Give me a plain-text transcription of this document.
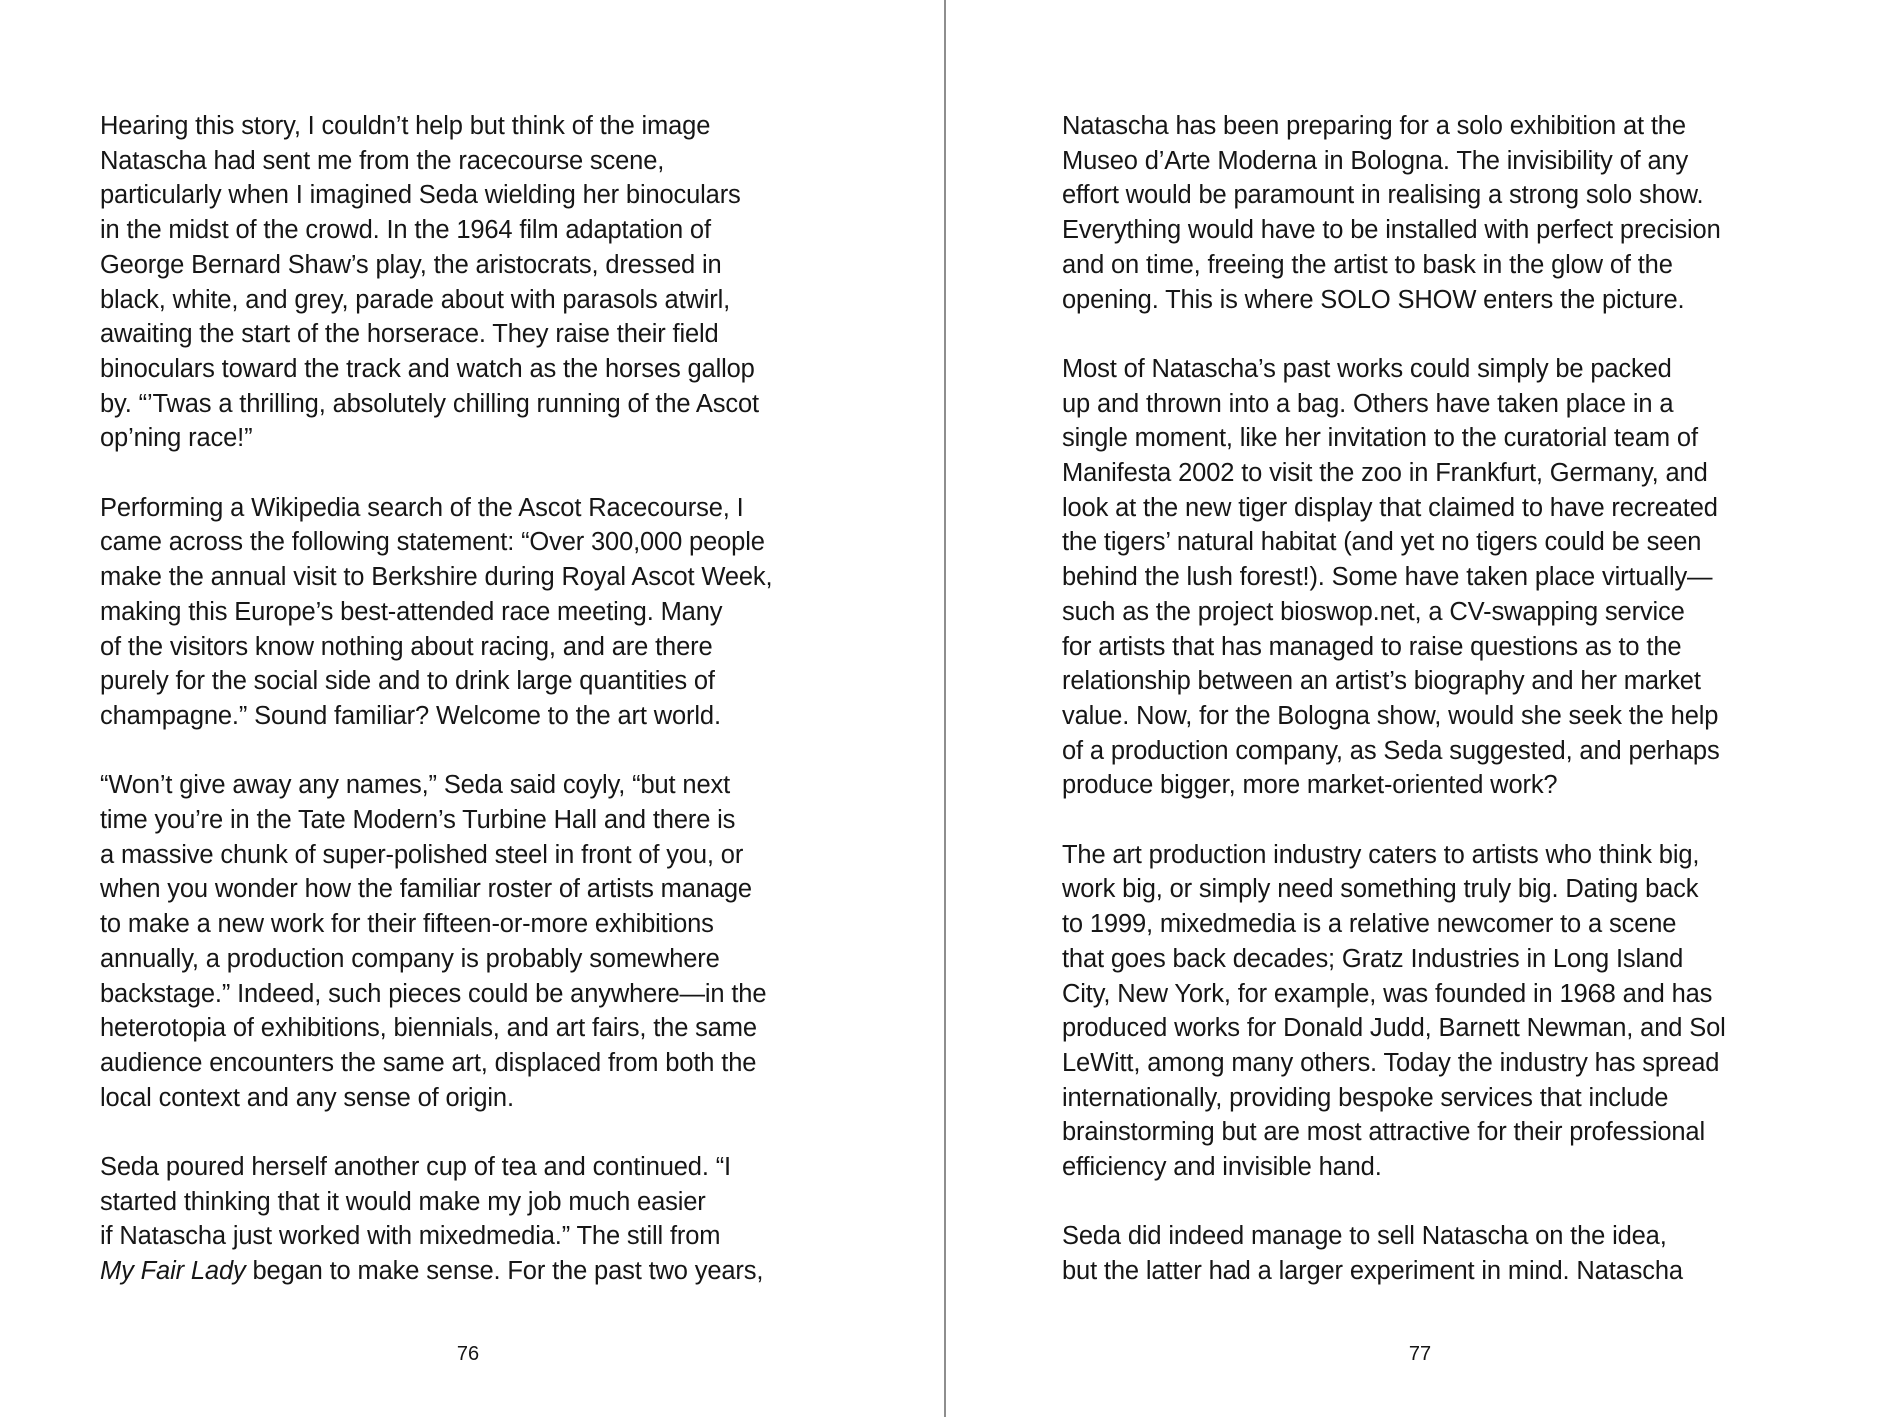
Hearing this story, I couldn’t help but think of the image
Natascha had sent me from the racecourse scene,
particularly when I imagined Seda wielding her binoculars
in the midst of the crowd. In the 1964 film adaptation of
George Bernard Shaw’s play, the aristocrats, dressed in
black, white, and grey, parade about with parasols atwirl,
awaiting the start of the horserace. They raise their field
binoculars toward the track and watch as the horses gallop
by. “’Twas a thrilling, absolutely chilling running of the Ascot
op’ning race!”

Performing a Wikipedia search of the Ascot Racecourse, I
came across the following statement: “Over 300,000 people
make the annual visit to Berkshire during Royal Ascot Week,
making this Europe’s best-attended race meeting. Many
of the visitors know nothing about racing, and are there
purely for the social side and to drink large quantities of
champagne.” Sound familiar? Welcome to the art world.

“Won’t give away any names,” Seda said coyly, “but next
time you’re in the Tate Modern’s Turbine Hall and there is
a massive chunk of super-polished steel in front of you, or
when you wonder how the familiar roster of artists manage
to make a new work for their fifteen-or-more exhibitions
annually, a production company is probably somewhere
backstage.” Indeed, such pieces could be anywhere—in the
heterotopia of exhibitions, biennials, and art fairs, the same
audience encounters the same art, displaced from both the
local context and any sense of origin.

Seda poured herself another cup of tea and continued. “I
started thinking that it would make my job much easier
if Natascha just worked with mixedmedia.” The still from
My Fair Lady began to make sense. For the past two years,

76

Natascha has been preparing for a solo exhibition at the
Museo d’Arte Moderna in Bologna. The invisibility of any
effort would be paramount in realising a strong solo show.
Everything would have to be installed with perfect precision
and on time, freeing the artist to bask in the glow of the
opening. This is where SOLO SHOW enters the picture.

Most of Natascha’s past works could simply be packed
up and thrown into a bag. Others have taken place in a
single moment, like her invitation to the curatorial team of
Manifesta 2002 to visit the zoo in Frankfurt, Germany, and
look at the new tiger display that claimed to have recreated
the tigers’ natural habitat (and yet no tigers could be seen
behind the lush forest!). Some have taken place virtually—
such as the project bioswop.net, a CV-swapping service
for artists that has managed to raise questions as to the
relationship between an artist’s biography and her market
value. Now, for the Bologna show, would she seek the help
of a production company, as Seda suggested, and perhaps
produce bigger, more market-oriented work?

The art production industry caters to artists who think big,
work big, or simply need something truly big. Dating back
to 1999, mixedmedia is a relative newcomer to a scene
that goes back decades; Gratz Industries in Long Island
City, New York, for example, was founded in 1968 and has
produced works for Donald Judd, Barnett Newman, and Sol
LeWitt, among many others. Today the industry has spread
internationally, providing bespoke services that include
brainstorming but are most attractive for their professional
efficiency and invisible hand.

Seda did indeed manage to sell Natascha on the idea,
but the latter had a larger experiment in mind. Natascha

77
